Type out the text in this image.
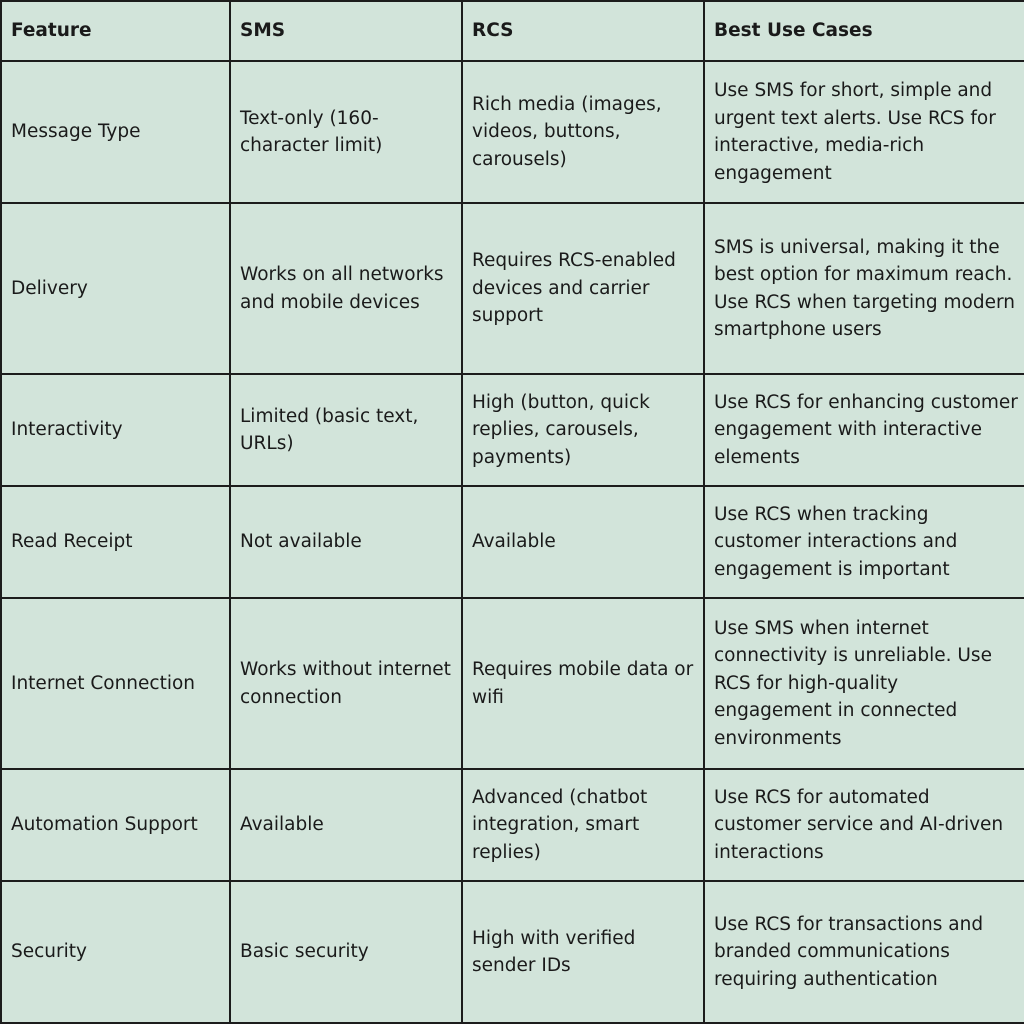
Feature	SMS	RCS	Best Use Cases
Message Type	Text-only (160-character limit)	Rich media (images, videos, buttons, carousels)	Use SMS for short, simple and urgent text alerts. Use RCS for interactive, media-rich engagement
Delivery	Works on all networks and mobile devices	Requires RCS-enabled devices and carrier support	SMS is universal, making it the best option for maximum reach. Use RCS when targeting modern smartphone users
Interactivity	Limited (basic text, URLs)	High (button, quick replies, carousels, payments)	Use RCS for enhancing customer engagement with interactive elements
Read Receipt	Not available	Available	Use RCS when tracking customer interactions and engagement is important
Internet Connection	Works without internet connection	Requires mobile data or wifi	Use SMS when internet connectivity is unreliable. Use RCS for high-quality engagement in connected environments
Automation Support	Available	Advanced (chatbot integration, smart replies)	Use RCS for automated customer service and AI-driven interactions
Security	Basic security	High with verified sender IDs	Use RCS for transactions and branded communications requiring authentication
